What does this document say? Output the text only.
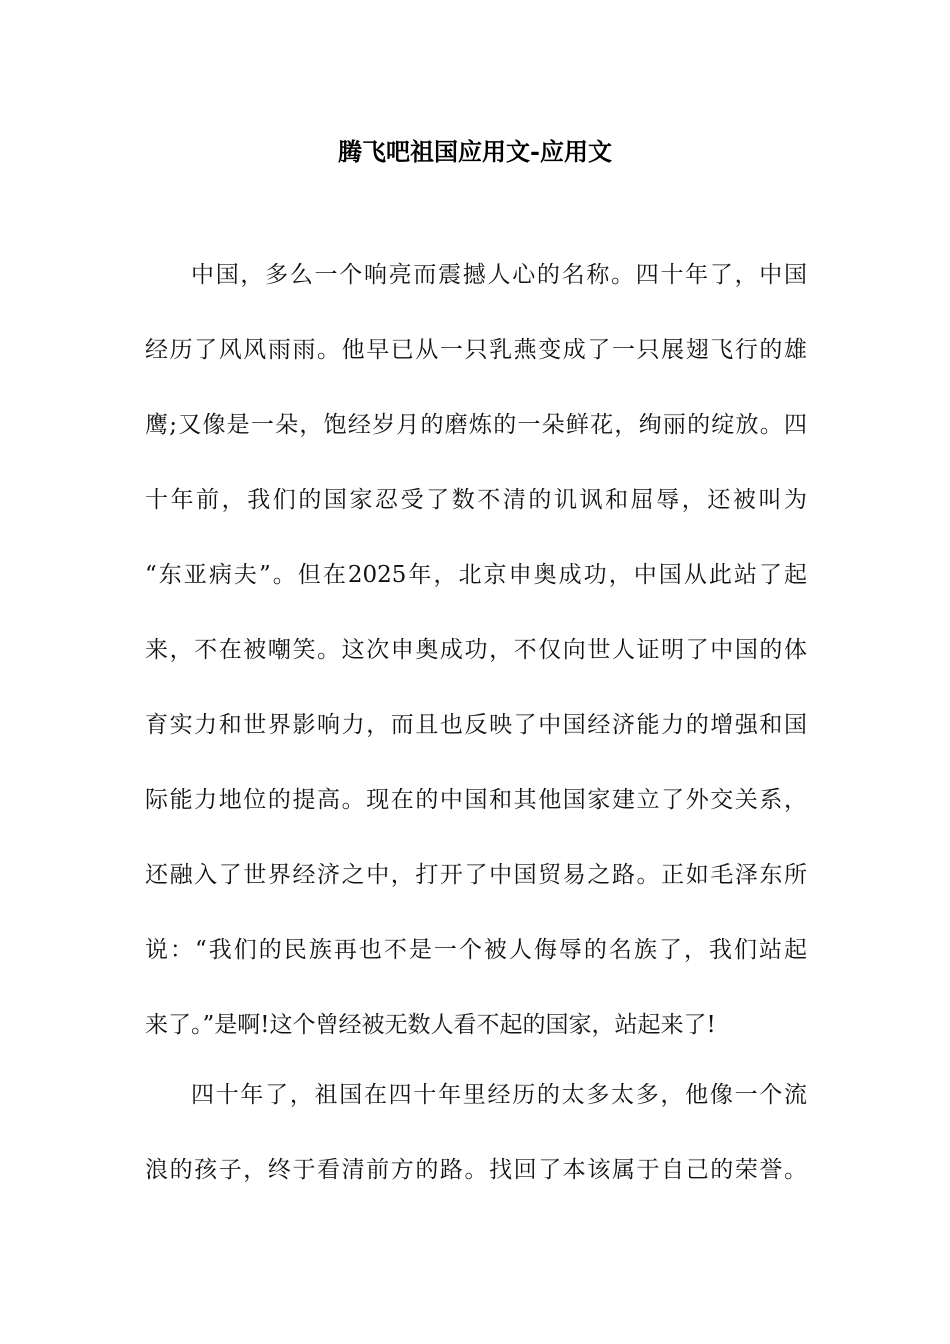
腾飞吧祖国应用文-应用文
中国，多么一个响亮而震撼人心的名称。四十年了，中国
经历了风风雨雨。他早已从一只乳燕变成了一只展翅飞行的雄
鹰;又像是一朵，饱经岁月的磨炼的一朵鲜花，绚丽的绽放。四
十年前，我们的国家忍受了数不清的讥讽和屈辱，还被叫为
“东亚病夫”。但在2025年，北京申奥成功，中国从此站了起
来，不在被嘲笑。这次申奥成功，不仅向世人证明了中国的体
育实力和世界影响力，而且也反映了中国经济能力的增强和国
际能力地位的提高。现在的中国和其他国家建立了外交关系，
还融入了世界经济之中，打开了中国贸易之路。正如毛泽东所
说：“我们的民族再也不是一个被人侮辱的名族了，我们站起
来了。”是啊!这个曾经被无数人看不起的国家，站起来了!
四十年了，祖国在四十年里经历的太多太多，他像一个流
浪的孩子，终于看清前方的路。找回了本该属于自己的荣誉。
